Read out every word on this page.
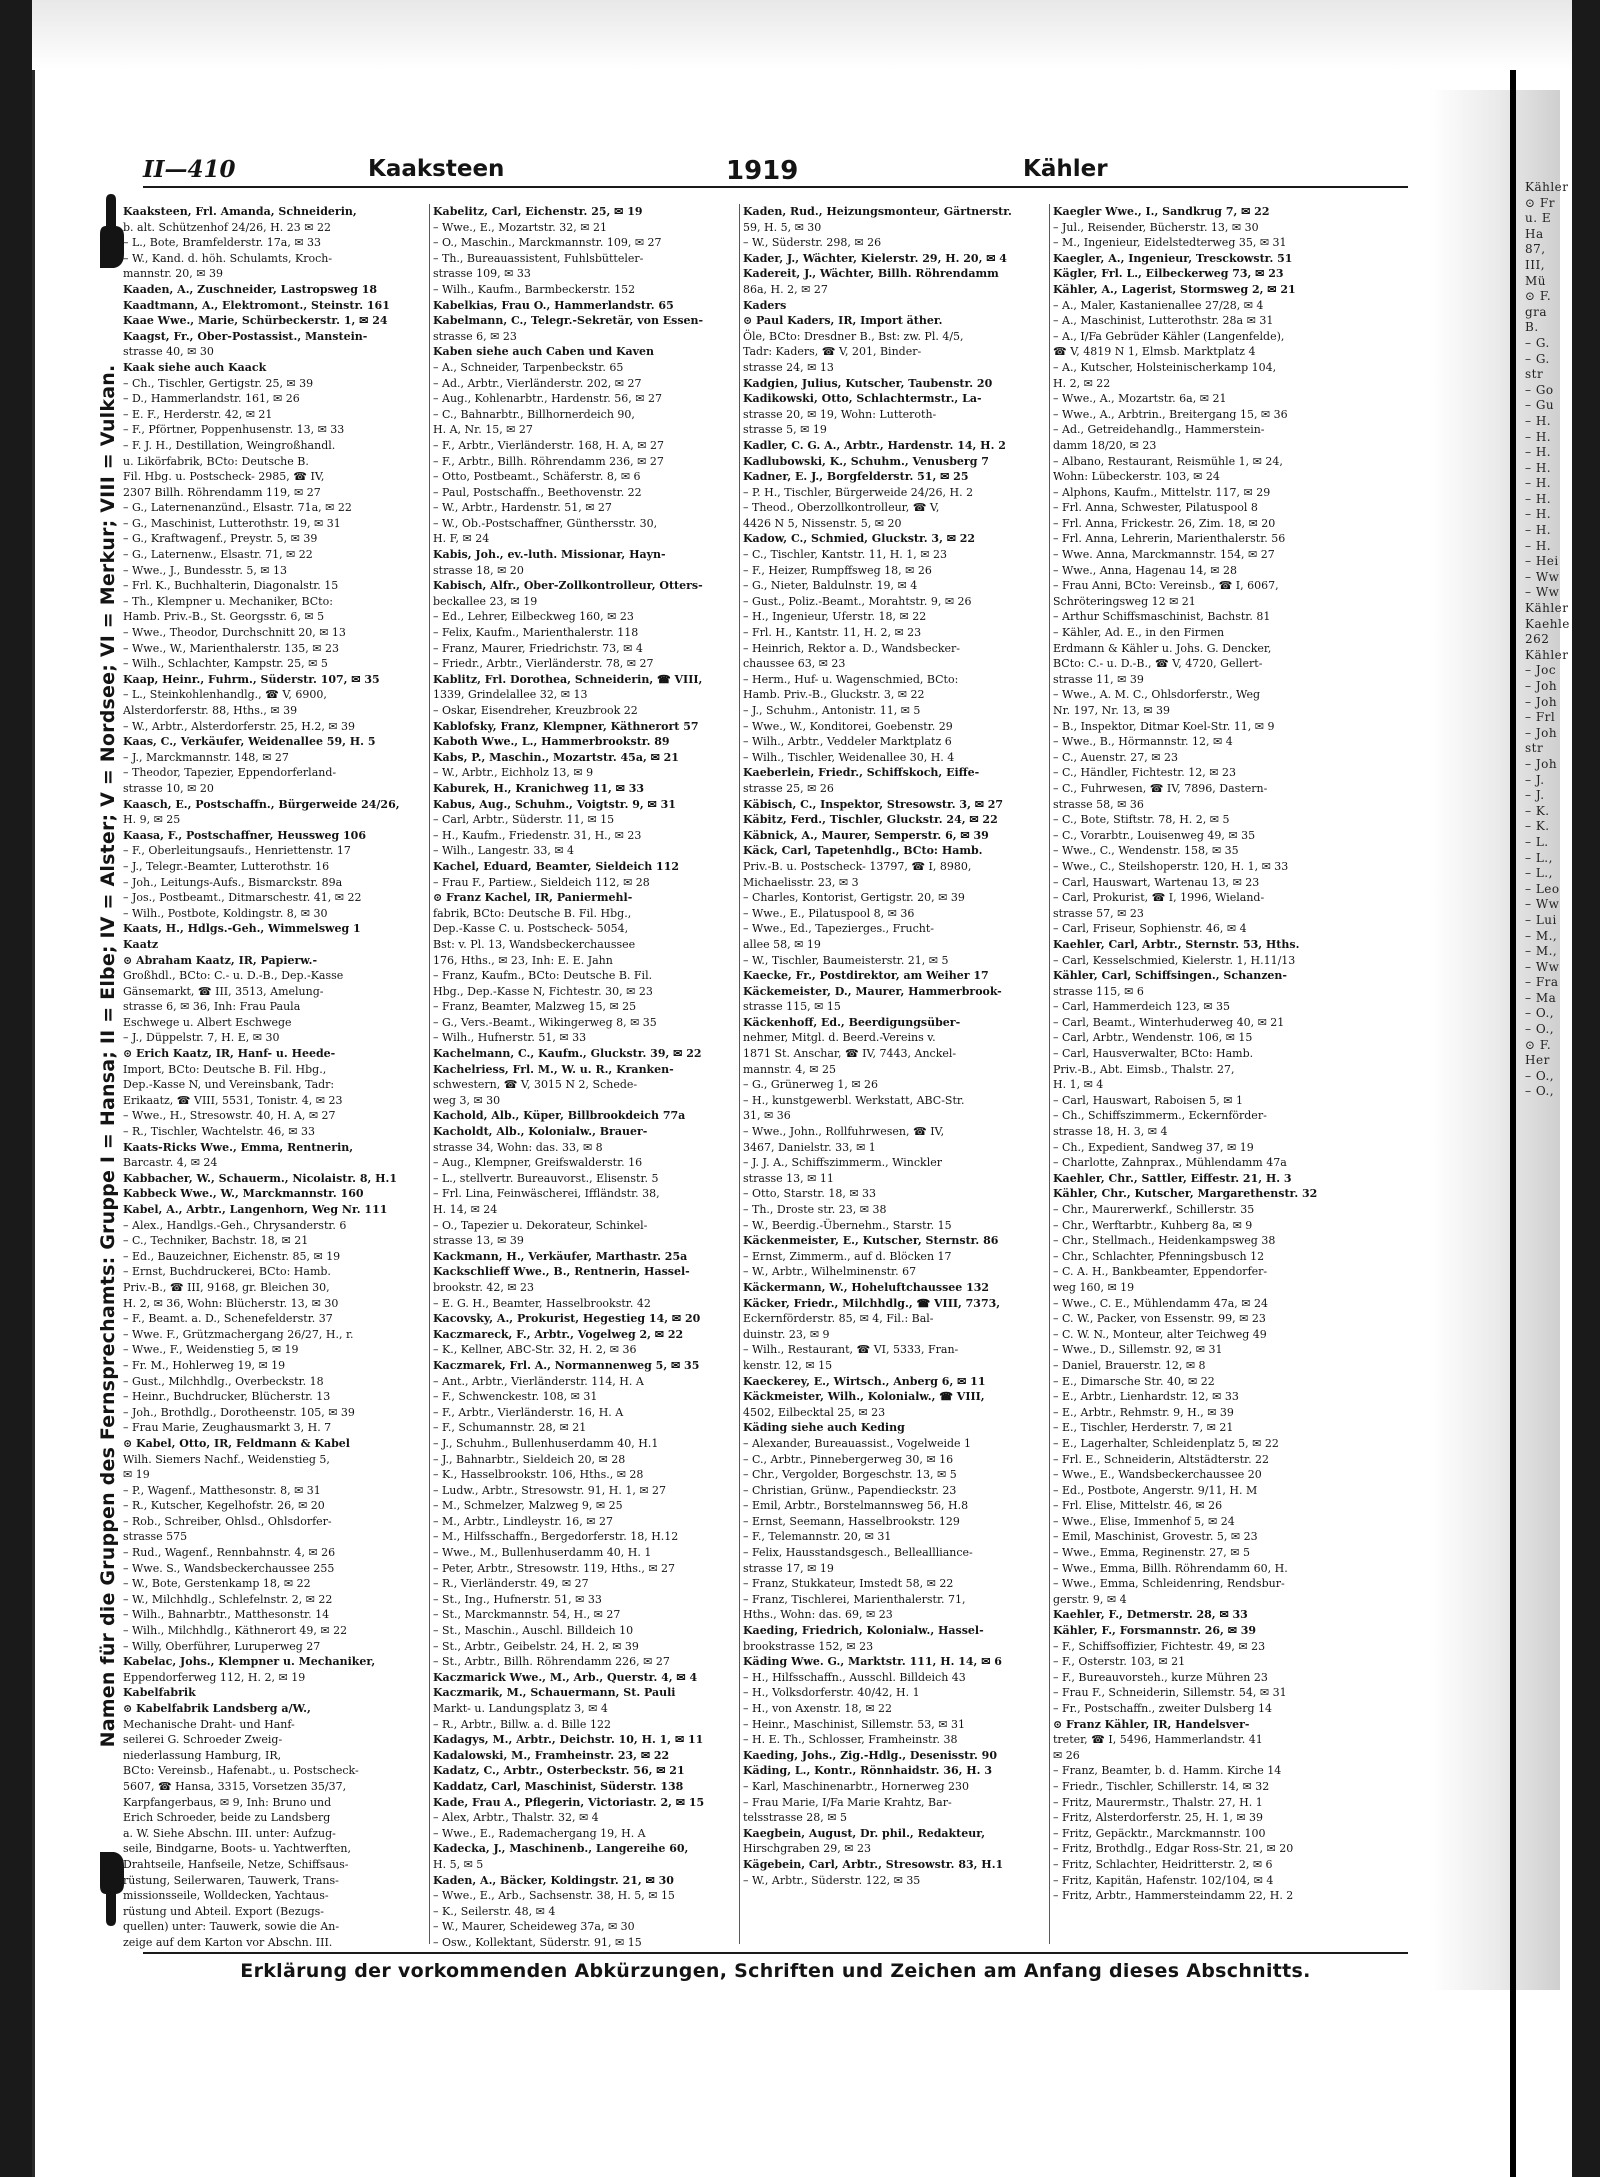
Kähler
⊙ Fr
u. E
Ha
87,
III,
Mü
⊙ F.
gra
B.
– G.
– G.
str
– Go
– Gu
– H.
– H.
– H.
– H.
– H.
– H.
– H.
– H.
– H.
– Hei
– Ww
– Ww
Kähler
Kaehle
262
Kähler
– Joc
– Joh
– Joh
– Frl
– Joh
str
– Joh
– J.
– J.
– K.
– K.
– L.
– L.,
– L.,
– Leo
– Ww
– Lui
– M.,
– M.,
– Ww
– Fra
– Ma
– O.,
– O.,
⊙ F.
Her
– O.,
– O.,
II—410	Kaaksteen	1919	Kähler
Namen für die Gruppen des Fernsprechamts: Gruppe I = Hansa; II = Elbe; IV = Alster; V = Nordsee; VI = Merkur; VIII = Vulkan.
Kaaksteen, Frl. Amanda, Schneiderin,
b. alt. Schützenhof 24/26, H. 23 ✉ 22
– L., Bote, Bramfelderstr. 17a, ✉ 33
– W., Kand. d. höh. Schulamts, Kroch-
mannstr. 20, ✉ 39
Kaaden, A., Zuschneider, Lastropsweg 18
Kaadtmann, A., Elektromont., Steinstr. 161
Kaae Wwe., Marie, Schürbeckerstr. 1, ✉ 24
Kaagst, Fr., Ober-Postassist., Manstein-
strasse 40, ✉ 30
Kaak siehe auch Kaack
– Ch., Tischler, Gertigstr. 25, ✉ 39
– D., Hammerlandstr. 161, ✉ 26
– E. F., Herderstr. 42, ✉ 21
– F., Pförtner, Poppenhusenstr. 13, ✉ 33
– F. J. H., Destillation, Weingroßhandl.
u. Likörfabrik, BCto: Deutsche B.
Fil. Hbg. u. Postscheck- 2985, ☎ IV,
2307 Billh. Röhrendamm 119, ✉ 27
– G., Laternenanzünd., Elsastr. 71a, ✉ 22
– G., Maschinist, Lutterothstr. 19, ✉ 31
– G., Kraftwagenf., Preystr. 5, ✉ 39
– G., Laternenw., Elsastr. 71, ✉ 22
– Wwe., J., Bundesstr. 5, ✉ 13
– Frl. K., Buchhalterin, Diagonalstr. 15
– Th., Klempner u. Mechaniker, BCto:
Hamb. Priv.-B., St. Georgsstr. 6, ✉ 5
– Wwe., Theodor, Durchschnitt 20, ✉ 13
– Wwe., W., Marienthalerstr. 135, ✉ 23
– Wilh., Schlachter, Kampstr. 25, ✉ 5
Kaap, Heinr., Fuhrm., Süderstr. 107, ✉ 35
– L., Steinkohlenhandlg., ☎ V, 6900,
Alsterdorferstr. 88, Hths., ✉ 39
– W., Arbtr., Alsterdorferstr. 25, H.2, ✉ 39
Kaas, C., Verkäufer, Weidenallee 59, H. 5
– J., Marckmannstr. 148, ✉ 27
– Theodor, Tapezier, Eppendorferland-
strasse 10, ✉ 20
Kaasch, E., Postschaffn., Bürgerweide 24/26,
H. 9, ✉ 25
Kaasa, F., Postschaffner, Heussweg 106
– F., Oberleitungsaufs., Henriettenstr. 17
– J., Telegr.-Beamter, Lutterothstr. 16
– Joh., Leitungs-Aufs., Bismarckstr. 89a
– Jos., Postbeamt., Ditmarschestr. 41, ✉ 22
– Wilh., Postbote, Koldingstr. 8, ✉ 30
Kaats, H., Hdlgs.-Geh., Wimmelsweg 1
Kaatz
⊙ Abraham Kaatz, IR, Papierw.-
Großhdl., BCto: C.- u. D.-B., Dep.-Kasse
Gänsemarkt, ☎ III, 3513, Amelung-
strasse 6, ✉ 36, Inh: Frau Paula
Eschwege u. Albert Eschwege
– J., Düppelstr. 7, H. E, ✉ 30
⊙ Erich Kaatz, IR, Hanf- u. Heede-
Import, BCto: Deutsche B. Fil. Hbg.,
Dep.-Kasse N, und Vereinsbank, Tadr:
Erikaatz, ☎ VIII, 5531, Tonistr. 4, ✉ 23
– Wwe., H., Stresowstr. 40, H. A, ✉ 27
– R., Tischler, Wachtelstr. 46, ✉ 33
Kaats-Ricks Wwe., Emma, Rentnerin,
Barcastr. 4, ✉ 24
Kabbacher, W., Schauerm., Nicolaistr. 8, H.1
Kabbeck Wwe., W., Marckmannstr. 160
Kabel, A., Arbtr., Langenhorn, Weg Nr. 111
– Alex., Handlgs.-Geh., Chrysanderstr. 6
– C., Techniker, Bachstr. 18, ✉ 21
– Ed., Bauzeichner, Eichenstr. 85, ✉ 19
– Ernst, Buchdruckerei, BCto: Hamb.
Priv.-B., ☎ III, 9168, gr. Bleichen 30,
H. 2, ✉ 36, Wohn: Blücherstr. 13, ✉ 30
– F., Beamt. a. D., Schenefelderstr. 37
– Wwe. F., Grützmachergang 26/27, H., r.
– Wwe., F., Weidenstieg 5, ✉ 19
– Fr. M., Hohlerweg 19, ✉ 19
– Gust., Milchhdlg., Overbeckstr. 18
– Heinr., Buchdrucker, Blücherstr. 13
– Joh., Brothdlg., Dorotheenstr. 105, ✉ 39
– Frau Marie, Zeughausmarkt 3, H. 7
⊙ Kabel, Otto, IR, Feldmann & Kabel
Wilh. Siemers Nachf., Weidenstieg 5,
✉ 19
– P., Wagenf., Matthesonstr. 8, ✉ 31
– R., Kutscher, Kegelhofstr. 26, ✉ 20
– Rob., Schreiber, Ohlsd., Ohlsdorfer-
strasse 575
– Rud., Wagenf., Rennbahnstr. 4, ✉ 26
– Wwe. S., Wandsbeckerchaussee 255
– W., Bote, Gerstenkamp 18, ✉ 22
– W., Milchhdlg., Schlefelnstr. 2, ✉ 22
– Wilh., Bahnarbtr., Matthesonstr. 14
– Wilh., Milchhdlg., Käthnerort 49, ✉ 22
– Willy, Oberführer, Luruperweg 27
Kabelac, Johs., Klempner u. Mechaniker,
Eppendorferweg 112, H. 2, ✉ 19
Kabelfabrik
⊙ Kabelfabrik Landsberg a/W.,
Mechanische Draht- und Hanf-
seilerei G. Schroeder Zweig-
niederlassung Hamburg, IR,
BCto: Vereinsb., Hafenabt., u. Postscheck-
5607, ☎ Hansa, 3315, Vorsetzen 35/37,
Karpfangerbaus, ✉ 9, Inh: Bruno und
Erich Schroeder, beide zu Landsberg
a. W. Siehe Abschn. III. unter: Aufzug-
seile, Bindgarne, Boots- u. Yachtwerften,
Drahtseile, Hanfseile, Netze, Schiffsaus-
rüstung, Seilerwaren, Tauwerk, Trans-
missionsseile, Wolldecken, Yachtaus-
rüstung und Abteil. Export (Bezugs-
quellen) unter: Tauwerk, sowie die An-
zeige auf dem Karton vor Abschn. III.
Kabelitz, Carl, Eichenstr. 25, ✉ 19
– Wwe., E., Mozartstr. 32, ✉ 21
– O., Maschin., Marckmannstr. 109, ✉ 27
– Th., Bureauassistent, Fuhlsbütteler-
strasse 109, ✉ 33
– Wilh., Kaufm., Barmbeckerstr. 152
Kabelkias, Frau O., Hammerlandstr. 65
Kabelmann, C., Telegr.-Sekretär, von Essen-
strasse 6, ✉ 23
Kaben siehe auch Caben und Kaven
– A., Schneider, Tarpenbeckstr. 65
– Ad., Arbtr., Vierländerstr. 202, ✉ 27
– Aug., Kohlenarbtr., Hardenstr. 56, ✉ 27
– C., Bahnarbtr., Billhornerdeich 90,
H. A, Nr. 15, ✉ 27
– F., Arbtr., Vierländerstr. 168, H. A, ✉ 27
– F., Arbtr., Billh. Röhrendamm 236, ✉ 27
– Otto, Postbeamt., Schäferstr. 8, ✉ 6
– Paul, Postschaffn., Beethovenstr. 22
– W., Arbtr., Hardenstr. 51, ✉ 27
– W., Ob.-Postschaffner, Günthersstr. 30,
H. F, ✉ 24
Kabis, Joh., ev.-luth. Missionar, Hayn-
strasse 18, ✉ 20
Kabisch, Alfr., Ober-Zollkontrolleur, Otters-
beckallee 23, ✉ 19
– Ed., Lehrer, Eilbeckweg 160, ✉ 23
– Felix, Kaufm., Marienthalerstr. 118
– Franz, Maurer, Friedrichstr. 73, ✉ 4
– Friedr., Arbtr., Vierländerstr. 78, ✉ 27
Kablitz, Frl. Dorothea, Schneiderin, ☎ VIII,
1339, Grindelallee 32, ✉ 13
– Oskar, Eisendreher, Kreuzbrook 22
Kablofsky, Franz, Klempner, Käthnerort 57
Kaboth Wwe., L., Hammerbrookstr. 89
Kabs, P., Maschin., Mozartstr. 45a, ✉ 21
– W., Arbtr., Eichholz 13, ✉ 9
Kaburek, H., Kranichweg 11, ✉ 33
Kabus, Aug., Schuhm., Voigtstr. 9, ✉ 31
– Carl, Arbtr., Süderstr. 11, ✉ 15
– H., Kaufm., Friedenstr. 31, H., ✉ 23
– Wilh., Langestr. 33, ✉ 4
Kachel, Eduard, Beamter, Sieldeich 112
– Frau F., Partiew., Sieldeich 112, ✉ 28
⊙ Franz Kachel, IR, Paniermehl-
fabrik, BCto: Deutsche B. Fil. Hbg.,
Dep.-Kasse C. u. Postscheck- 5054,
Bst: v. Pl. 13, Wandsbeckerchaussee
176, Hths., ✉ 23, Inh: E. E. Jahn
– Franz, Kaufm., BCto: Deutsche B. Fil.
Hbg., Dep.-Kasse N, Fichtestr. 30, ✉ 23
– Franz, Beamter, Malzweg 15, ✉ 25
– G., Vers.-Beamt., Wikingerweg 8, ✉ 35
– Wilh., Hufnerstr. 51, ✉ 33
Kachelmann, C., Kaufm., Gluckstr. 39, ✉ 22
Kachelriess, Frl. M., W. u. R., Kranken-
schwestern, ☎ V, 3015 N 2, Schede-
weg 3, ✉ 30
Kachold, Alb., Küper, Billbrookdeich 77a
Kacholdt, Alb., Kolonialw., Brauer-
strasse 34, Wohn: das. 33, ✉ 8
– Aug., Klempner, Greifswalderstr. 16
– L., stellvertr. Bureauvorst., Elisenstr. 5
– Frl. Lina, Feinwäscherei, Iffländstr. 38,
H. 14, ✉ 24
– O., Tapezier u. Dekorateur, Schinkel-
strasse 13, ✉ 39
Kackmann, H., Verkäufer, Marthastr. 25a
Kackschlieff Wwe., B., Rentnerin, Hassel-
brookstr. 42, ✉ 23
– E. G. H., Beamter, Hasselbrookstr. 42
Kacovsky, A., Prokurist, Hegestieg 14, ✉ 20
Kaczmareck, F., Arbtr., Vogelweg 2, ✉ 22
– K., Kellner, ABC-Str. 32, H. 2, ✉ 36
Kaczmarek, Frl. A., Normannenweg 5, ✉ 35
– Ant., Arbtr., Vierländerstr. 114, H. A
– F., Schwenckestr. 108, ✉ 31
– F., Arbtr., Vierländerstr. 16, H. A
– F., Schumannstr. 28, ✉ 21
– J., Schuhm., Bullenhuserdamm 40, H.1
– J., Bahnarbtr., Sieldeich 20, ✉ 28
– K., Hasselbrookstr. 106, Hths., ✉ 28
– Ludw., Arbtr., Stresowstr. 91, H. 1, ✉ 27
– M., Schmelzer, Malzweg 9, ✉ 25
– M., Arbtr., Lindleystr. 16, ✉ 27
– M., Hilfsschaffn., Bergedorferstr. 18, H.12
– Wwe., M., Bullenhuserdamm 40, H. 1
– Peter, Arbtr., Stresowstr. 119, Hths., ✉ 27
– R., Vierländerstr. 49, ✉ 27
– St., Ing., Hufnerstr. 51, ✉ 33
– St., Marckmannstr. 54, H., ✉ 27
– St., Maschin., Auschl. Billdeich 10
– St., Arbtr., Geibelstr. 24, H. 2, ✉ 39
– St., Arbtr., Billh. Röhrendamm 226, ✉ 27
Kaczmarick Wwe., M., Arb., Querstr. 4, ✉ 4
Kaczmarik, M., Schauermann, St. Pauli
Markt- u. Landungsplatz 3, ✉ 4
– R., Arbtr., Billw. a. d. Bille 122
Kadagys, M., Arbtr., Deichstr. 10, H. 1, ✉ 11
Kadalowski, M., Framheinstr. 23, ✉ 22
Kadatz, C., Arbtr., Osterbeckstr. 56, ✉ 21
Kaddatz, Carl, Maschinist, Süderstr. 138
Kade, Frau A., Pflegerin, Victoriastr. 2, ✉ 15
– Alex, Arbtr., Thalstr. 32, ✉ 4
– Wwe., E., Rademachergang 19, H. A
Kadecka, J., Maschinenb., Langereihe 60,
H. 5, ✉ 5
Kaden, A., Bäcker, Koldingstr. 21, ✉ 30
– Wwe., E., Arb., Sachsenstr. 38, H. 5, ✉ 15
– K., Seilerstr. 48, ✉ 4
– W., Maurer, Scheideweg 37a, ✉ 30
– Osw., Kollektant, Süderstr. 91, ✉ 15
Kaden, Rud., Heizungsmonteur, Gärtnerstr.
59, H. 5, ✉ 30
– W., Süderstr. 298, ✉ 26
Kader, J., Wächter, Kielerstr. 29, H. 20, ✉ 4
Kadereit, J., Wächter, Billh. Röhrendamm
86a, H. 2, ✉ 27
Kaders
⊙ Paul Kaders, IR, Import äther.
Öle, BCto: Dresdner B., Bst: zw. Pl. 4/5,
Tadr: Kaders, ☎ V, 201, Binder-
strasse 24, ✉ 13
Kadgien, Julius, Kutscher, Taubenstr. 20
Kadikowski, Otto, Schlachtermstr., La-
strasse 20, ✉ 19, Wohn: Lutteroth-
strasse 5, ✉ 19
Kadler, C. G. A., Arbtr., Hardenstr. 14, H. 2
Kadlubowski, K., Schuhm., Venusberg 7
Kadner, E. J., Borgfelderstr. 51, ✉ 25
– P. H., Tischler, Bürgerweide 24/26, H. 2
– Theod., Oberzollkontrolleur, ☎ V,
4426 N 5, Nissenstr. 5, ✉ 20
Kadow, C., Schmied, Gluckstr. 3, ✉ 22
– C., Tischler, Kantstr. 11, H. 1, ✉ 23
– F., Heizer, Rumpffsweg 18, ✉ 26
– G., Nieter, Baldulnstr. 19, ✉ 4
– Gust., Poliz.-Beamt., Morahtstr. 9, ✉ 26
– H., Ingenieur, Uferstr. 18, ✉ 22
– Frl. H., Kantstr. 11, H. 2, ✉ 23
– Heinrich, Rektor a. D., Wandsbecker-
chaussee 63, ✉ 23
– Herm., Huf- u. Wagenschmied, BCto:
Hamb. Priv.-B., Gluckstr. 3, ✉ 22
– J., Schuhm., Antonistr. 11, ✉ 5
– Wwe., W., Konditorei, Goebenstr. 29
– Wilh., Arbtr., Veddeler Marktplatz 6
– Wilh., Tischler, Weidenallee 30, H. 4
Kaeberlein, Friedr., Schiffskoch, Eiffe-
strasse 25, ✉ 26
Käbisch, C., Inspektor, Stresowstr. 3, ✉ 27
Käbitz, Ferd., Tischler, Gluckstr. 24, ✉ 22
Käbnick, A., Maurer, Semperstr. 6, ✉ 39
Käck, Carl, Tapetenhdlg., BCto: Hamb.
Priv.-B. u. Postscheck- 13797, ☎ I, 8980,
Michaelisstr. 23, ✉ 3
– Charles, Kontorist, Gertigstr. 20, ✉ 39
– Wwe., E., Pilatuspool 8, ✉ 36
– Wwe., Ed., Tapezierges., Frucht-
allee 58, ✉ 19
– W., Tischler, Baumeisterstr. 21, ✉ 5
Kaecke, Fr., Postdirektor, am Weiher 17
Käckemeister, D., Maurer, Hammerbrook-
strasse 115, ✉ 15
Käckenhoff, Ed., Beerdigungsüber-
nehmer, Mitgl. d. Beerd.-Vereins v.
1871 St. Anschar, ☎ IV, 7443, Anckel-
mannstr. 4, ✉ 25
– G., Grünerweg 1, ✉ 26
– H., kunstgewerbl. Werkstatt, ABC-Str.
31, ✉ 36
– Wwe., John., Rollfuhrwesen, ☎ IV,
3467, Danielstr. 33, ✉ 1
– J. J. A., Schiffszimmerm., Winckler
strasse 13, ✉ 11
– Otto, Starstr. 18, ✉ 33
– Th., Droste str. 23, ✉ 38
– W., Beerdig.-Übernehm., Starstr. 15
Käckenmeister, E., Kutscher, Sternstr. 86
– Ernst, Zimmerm., auf d. Blöcken 17
– W., Arbtr., Wilhelminenstr. 67
Käckermann, W., Hoheluftchaussee 132
Käcker, Friedr., Milchhdlg., ☎ VIII, 7373,
Eckernförderstr. 85, ✉ 4, Fil.: Bal-
duinstr. 23, ✉ 9
– Wilh., Restaurant, ☎ VI, 5333, Fran-
kenstr. 12, ✉ 15
Kaeckerey, E., Wirtsch., Anberg 6, ✉ 11
Käckmeister, Wilh., Kolonialw., ☎ VIII,
4502, Eilbecktal 25, ✉ 23
Käding siehe auch Keding
– Alexander, Bureauassist., Vogelweide 1
– C., Arbtr., Pinnebergerweg 30, ✉ 16
– Chr., Vergolder, Borgeschstr. 13, ✉ 5
– Christian, Grünw., Papendieckstr. 23
– Emil, Arbtr., Borstelmannsweg 56, H.8
– Ernst, Seemann, Hasselbrookstr. 129
– F., Telemannstr. 20, ✉ 31
– Felix, Hausstandsgesch., Belleallliance-
strasse 17, ✉ 19
– Franz, Stukkateur, Imstedt 58, ✉ 22
– Franz, Tischlerei, Marienthalerstr. 71,
Hths., Wohn: das. 69, ✉ 23
Kaeding, Friedrich, Kolonialw., Hassel-
brookstrasse 152, ✉ 23
Käding Wwe. G., Marktstr. 111, H. 14, ✉ 6
– H., Hilfsschaffn., Ausschl. Billdeich 43
– H., Volksdorferstr. 40/42, H. 1
– H., von Axenstr. 18, ✉ 22
– Heinr., Maschinist, Sillemstr. 53, ✉ 31
– H. E. Th., Schlosser, Framheinstr. 38
Kaeding, Johs., Zig.-Hdlg., Desenisstr. 90
Käding, L., Kontr., Rönnhaidstr. 36, H. 3
– Karl, Maschinenarbtr., Hornerweg 230
– Frau Marie, I/Fa Marie Krahtz, Bar-
telsstrasse 28, ✉ 5
Kaegbein, August, Dr. phil., Redakteur,
Hirschgraben 29, ✉ 23
Kägebein, Carl, Arbtr., Stresowstr. 83, H.1
– W., Arbtr., Süderstr. 122, ✉ 35
Kaegler Wwe., I., Sandkrug 7, ✉ 22
– Jul., Reisender, Bücherstr. 13, ✉ 30
– M., Ingenieur, Eidelstedterweg 35, ✉ 31
Kaegler, A., Ingenieur, Tresckowstr. 51
Kägler, Frl. L., Eilbeckerweg 73, ✉ 23
Kähler, A., Lagerist, Stormsweg 2, ✉ 21
– A., Maler, Kastanienallee 27/28, ✉ 4
– A., Maschinist, Lutterothstr. 28a ✉ 31
– A., I/Fa Gebrüder Kähler (Langenfelde),
☎ V, 4819 N 1, Elmsb. Marktplatz 4
– A., Kutscher, Holsteinischerkamp 104,
H. 2, ✉ 22
– Wwe., A., Mozartstr. 6a, ✉ 21
– Wwe., A., Arbtrin., Breitergang 15, ✉ 36
– Ad., Getreidehandlg., Hammerstein-
damm 18/20, ✉ 23
– Albano, Restaurant, Reismühle 1, ✉ 24,
Wohn: Lübeckerstr. 103, ✉ 24
– Alphons, Kaufm., Mittelstr. 117, ✉ 29
– Frl. Anna, Schwester, Pilatuspool 8
– Frl. Anna, Frickestr. 26, Zim. 18, ✉ 20
– Frl. Anna, Lehrerin, Marienthalerstr. 56
– Wwe. Anna, Marckmannstr. 154, ✉ 27
– Wwe., Anna, Hagenau 14, ✉ 28
– Frau Anni, BCto: Vereinsb., ☎ I, 6067,
Schröteringsweg 12 ✉ 21
– Arthur Schiffsmaschinist, Bachstr. 81
– Kähler, Ad. E., in den Firmen
Erdmann & Kähler u. Johs. G. Dencker,
BCto: C.- u. D.-B., ☎ V, 4720, Gellert-
strasse 11, ✉ 39
– Wwe., A. M. C., Ohlsdorferstr., Weg
Nr. 197, Nr. 13, ✉ 39
– B., Inspektor, Ditmar Koel-Str. 11, ✉ 9
– Wwe., B., Hörmannstr. 12, ✉ 4
– C., Auenstr. 27, ✉ 23
– C., Händler, Fichtestr. 12, ✉ 23
– C., Fuhrwesen, ☎ IV, 7896, Dastern-
strasse 58, ✉ 36
– C., Bote, Stiftstr. 78, H. 2, ✉ 5
– C., Vorarbtr., Louisenweg 49, ✉ 35
– Wwe., C., Wendenstr. 158, ✉ 35
– Wwe., C., Steilshoperstr. 120, H. 1, ✉ 33
– Carl, Hauswart, Wartenau 13, ✉ 23
– Carl, Prokurist, ☎ I, 1996, Wieland-
strasse 57, ✉ 23
– Carl, Friseur, Sophienstr. 46, ✉ 4
Kaehler, Carl, Arbtr., Sternstr. 53, Hths.
– Carl, Kesselschmied, Kielerstr. 1, H.11/13
Kähler, Carl, Schiffsingen., Schanzen-
strasse 115, ✉ 6
– Carl, Hammerdeich 123, ✉ 35
– Carl, Beamt., Winterhuderweg 40, ✉ 21
– Carl, Arbtr., Wendenstr. 106, ✉ 15
– Carl, Hausverwalter, BCto: Hamb.
Priv.-B., Abt. Eimsb., Thalstr. 27,
H. 1, ✉ 4
– Carl, Hauswart, Raboisen 5, ✉ 1
– Ch., Schiffszimmerm., Eckernförder-
strasse 18, H. 3, ✉ 4
– Ch., Expedient, Sandweg 37, ✉ 19
– Charlotte, Zahnprax., Mühlendamm 47a
Kaehler, Chr., Sattler, Eiffestr. 21, H. 3
Kähler, Chr., Kutscher, Margarethenstr. 32
– Chr., Maurerwerkf., Schillerstr. 35
– Chr., Werftarbtr., Kuhberg 8a, ✉ 9
– Chr., Stellmach., Heidenkampsweg 38
– Chr., Schlachter, Pfenningsbusch 12
– C. A. H., Bankbeamter, Eppendorfer-
weg 160, ✉ 19
– Wwe., C. E., Mühlendamm 47a, ✉ 24
– C. W., Packer, von Essenstr. 99, ✉ 23
– C. W. N., Monteur, alter Teichweg 49
– Wwe., D., Sillemstr. 92, ✉ 31
– Daniel, Brauerstr. 12, ✉ 8
– E., Dimarsche Str. 40, ✉ 22
– E., Arbtr., Lienhardstr. 12, ✉ 33
– E., Arbtr., Rehmstr. 9, H., ✉ 39
– E., Tischler, Herderstr. 7, ✉ 21
– E., Lagerhalter, Schleidenplatz 5, ✉ 22
– Frl. E., Schneiderin, Altstädterstr. 22
– Wwe., E., Wandsbeckerchaussee 20
– Ed., Postbote, Angerstr. 9/11, H. M
– Frl. Elise, Mittelstr. 46, ✉ 26
– Wwe., Elise, Immenhof 5, ✉ 24
– Emil, Maschinist, Grovestr. 5, ✉ 23
– Wwe., Emma, Reginenstr. 27, ✉ 5
– Wwe., Emma, Billh. Röhrendamm 60, H.
– Wwe., Emma, Schleidenring, Rendsbur-
gerstr. 9, ✉ 4
Kaehler, F., Detmerstr. 28, ✉ 33
Kähler, F., Forsmannstr. 26, ✉ 39
– F., Schiffsoffizier, Fichtestr. 49, ✉ 23
– F., Osterstr. 103, ✉ 21
– F., Bureauvorsteh., kurze Mühren 23
– Frau F., Schneiderin, Sillemstr. 54, ✉ 31
– Fr., Postschaffn., zweiter Dulsberg 14
⊙ Franz Kähler, IR, Handelsver-
treter, ☎ I, 5496, Hammerlandstr. 41
✉ 26
– Franz, Beamter, b. d. Hamm. Kirche 14
– Friedr., Tischler, Schillerstr. 14, ✉ 32
– Fritz, Maurermstr., Thalstr. 27, H. 1
– Fritz, Alsterdorferstr. 25, H. 1, ✉ 39
– Fritz, Gepäcktr., Marckmannstr. 100
– Fritz, Brothdlg., Edgar Ross-Str. 21, ✉ 20
– Fritz, Schlachter, Heidritterstr. 2, ✉ 6
– Fritz, Kapitän, Hafenstr. 102/104, ✉ 4
– Fritz, Arbtr., Hammersteindamm 22, H. 2
Erklärung der vorkommenden Abkürzungen, Schriften und Zeichen am Anfang dieses Abschnitts.
